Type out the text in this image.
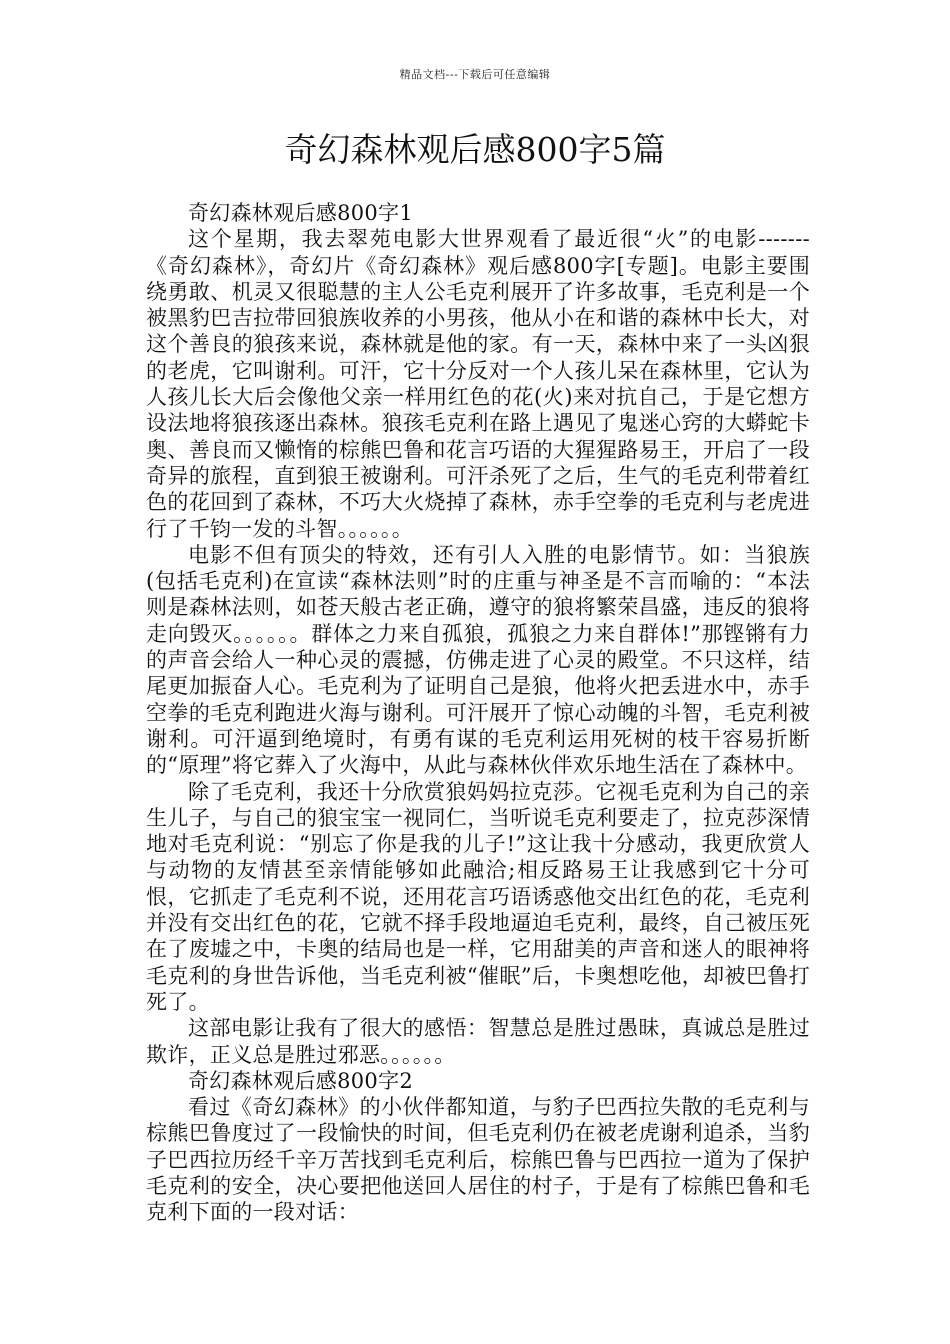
精品文档---下载后可任意编辑
奇幻森林观后感800字5篇

奇幻森林观后感800字1

这个星期，我去翠苑电影大世界观看了最近很“火”的电影-------《奇幻森林》，奇幻片《奇幻森林》观后感800字[专题]。电影主要围绕勇敢、机灵又很聪慧的主人公毛克利展开了许多故事，毛克利是一个被黑豹巴吉拉带回狼族收养的小男孩，他从小在和谐的森林中长大，对这个善良的狼孩来说，森林就是他的家。有一天，森林中来了一头凶狠的老虎，它叫谢利。可汗，它十分反对一个人孩儿呆在森林里，它认为人孩儿长大后会像他父亲一样用红色的花(火)来对抗自己，于是它想方设法地将狼孩逐出森林。狼孩毛克利在路上遇见了鬼迷心窍的大蟒蛇卡奥、善良而又懒惰的棕熊巴鲁和花言巧语的大猩猩路易王，开启了一段奇异的旅程，直到狼王被谢利。可汗杀死了之后，生气的毛克利带着红色的花回到了森林，不巧大火烧掉了森林，赤手空拳的毛克利与老虎进行了千钧一发的斗智。。。。。。

电影不但有顶尖的特效，还有引人入胜的电影情节。如：当狼族(包括毛克利)在宣读“森林法则”时的庄重与神圣是不言而喻的：“本法则是森林法则，如苍天般古老正确，遵守的狼将繁荣昌盛，违反的狼将走向毁灭。。。。。。群体之力来自孤狼，孤狼之力来自群体!”那铿锵有力的声音会给人一种心灵的震撼，仿佛走进了心灵的殿堂。不只这样，结尾更加振奋人心。毛克利为了证明自己是狼，他将火把丢进水中，赤手空拳的毛克利跑进火海与谢利。可汗展开了惊心动魄的斗智，毛克利被谢利。可汗逼到绝境时，有勇有谋的毛克利运用死树的枝干容易折断的“原理”将它葬入了火海中，从此与森林伙伴欢乐地生活在了森林中。

除了毛克利，我还十分欣赏狼妈妈拉克莎。它视毛克利为自己的亲生儿子，与自己的狼宝宝一视同仁，当听说毛克利要走了，拉克莎深情地对毛克利说：“别忘了你是我的儿子!”这让我十分感动，我更欣赏人与动物的友情甚至亲情能够如此融洽;相反路易王让我感到它十分可恨，它抓走了毛克利不说，还用花言巧语诱惑他交出红色的花，毛克利并没有交出红色的花，它就不择手段地逼迫毛克利，最终，自己被压死在了废墟之中，卡奥的结局也是一样，它用甜美的声音和迷人的眼神将毛克利的身世告诉他，当毛克利被“催眠”后，卡奥想吃他，却被巴鲁打死了。

这部电影让我有了很大的感悟：智慧总是胜过愚昧，真诚总是胜过欺诈，正义总是胜过邪恶。。。。。。

奇幻森林观后感800字2

看过《奇幻森林》的小伙伴都知道，与豹子巴西拉失散的毛克利与棕熊巴鲁度过了一段愉快的时间，但毛克利仍在被老虎谢利追杀，当豹子巴西拉历经千辛万苦找到毛克利后，棕熊巴鲁与巴西拉一道为了保护毛克利的安全，决心要把他送回人居住的村子，于是有了棕熊巴鲁和毛克利下面的一段对话：
